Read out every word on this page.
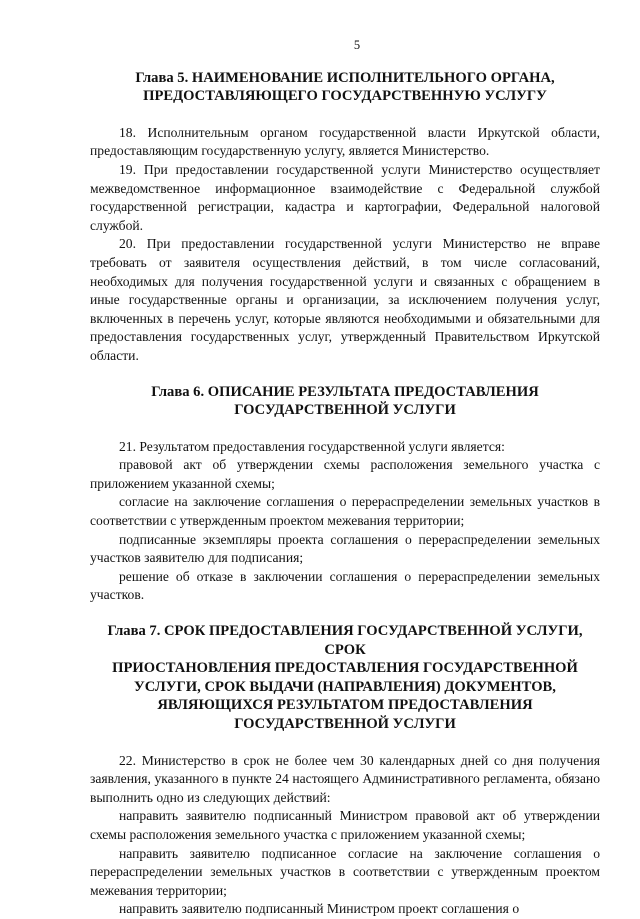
5
Глава 5. НАИМЕНОВАНИЕ ИСПОЛНИТЕЛЬНОГО ОРГАНА,
ПРЕДОСТАВЛЯЮЩЕГО ГОСУДАРСТВЕННУЮ УСЛУГУ

18. Исполнительным органом государственной власти Иркутской области, предоставляющим государственную услугу, является Министерство.

19. При предоставлении государственной услуги Министерство осуществляет межведомственное информационное взаимодействие с Федеральной службой государственной регистрации, кадастра и картографии, Федеральной налоговой службой.

20. При предоставлении государственной услуги Министерство не вправе требовать от заявителя осуществления действий, в том числе согласований, необходимых для получения государственной услуги и связанных с обращением в иные государственные органы и организации, за исключением получения услуг, включенных в перечень услуг, которые являются необходимыми и обязательными для предоставления государственных услуг, утвержденный Правительством Иркутской области.

Глава 6. ОПИСАНИЕ РЕЗУЛЬТАТА ПРЕДОСТАВЛЕНИЯ
ГОСУДАРСТВЕННОЙ УСЛУГИ

21. Результатом предоставления государственной услуги является:

правовой акт об утверждении схемы расположения земельного участка с приложением указанной схемы;

согласие на заключение соглашения о перераспределении земельных участков в соответствии с утвержденным проектом межевания территории;

подписанные экземпляры проекта соглашения о перераспределении земельных участков заявителю для подписания;

решение об отказе в заключении соглашения о перераспределении земельных участков.

Глава 7. СРОК ПРЕДОСТАВЛЕНИЯ ГОСУДАРСТВЕННОЙ УСЛУГИ, СРОК
ПРИОСТАНОВЛЕНИЯ ПРЕДОСТАВЛЕНИЯ ГОСУДАРСТВЕННОЙ
УСЛУГИ, СРОК ВЫДАЧИ (НАПРАВЛЕНИЯ) ДОКУМЕНТОВ,
ЯВЛЯЮЩИХСЯ РЕЗУЛЬТАТОМ ПРЕДОСТАВЛЕНИЯ
ГОСУДАРСТВЕННОЙ УСЛУГИ

22. Министерство в срок не более чем 30 календарных дней со дня получения заявления, указанного в пункте 24 настоящего Административного регламента, обязано выполнить одно из следующих действий:

направить заявителю подписанный Министром правовой акт об утверждении схемы расположения земельного участка с приложением указанной схемы;

направить заявителю подписанное согласие на заключение соглашения о перераспределении земельных участков в соответствии с утвержденным проектом межевания территории;

направить заявителю подписанный Министром проект соглашения о
